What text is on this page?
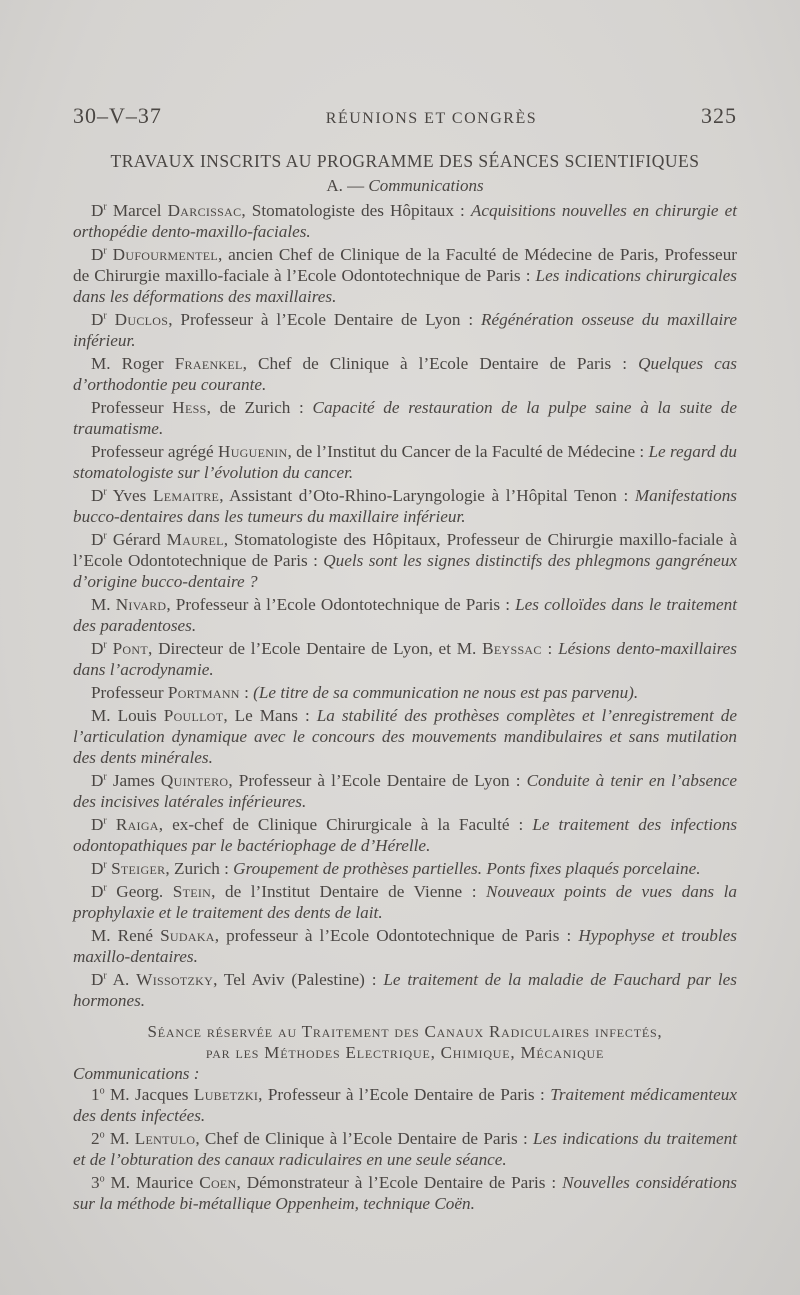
30–V–37	RÉUNIONS ET CONGRÈS	325

TRAVAUX INSCRITS AU PROGRAMME DES SÉANCES SCIENTIFIQUES

A. — Communications

$D^r$ Marcel Darcissac, Stomatologiste des Hôpitaux : Acquisitions nouvelles en chirurgie et orthopédie dento-maxillo-faciales.

$D^r$ Dufourmentel, ancien Chef de Clinique de la Faculté de Médecine de Paris, Professeur de Chirurgie maxillo-faciale à l’Ecole Odontotechnique de Paris : Les indications chirurgicales dans les déformations des maxillaires.

$D^r$ Duclos, Professeur à l’Ecole Dentaire de Lyon : Régénération osseuse du maxillaire inférieur.

M. Roger Fraenkel, Chef de Clinique à l’Ecole Dentaire de Paris : Quelques cas d’orthodontie peu courante.

Professeur Hess, de Zurich : Capacité de restauration de la pulpe saine à la suite de traumatisme.

Professeur agrégé Huguenin, de l’Institut du Cancer de la Faculté de Médecine : Le regard du stomatologiste sur l’évolution du cancer.

$D^r$ Yves Lemaitre, Assistant d’Oto-Rhino-Laryngologie à l’Hôpital Tenon : Manifestations bucco-dentaires dans les tumeurs du maxillaire inférieur.

$D^r$ Gérard Maurel, Stomatologiste des Hôpitaux, Professeur de Chirurgie maxillo-faciale à l’Ecole Odontotechnique de Paris : Quels sont les signes distinctifs des phlegmons gangréneux d’origine bucco-dentaire ?

M. Nivard, Professeur à l’Ecole Odontotechnique de Paris : Les colloïdes dans le traitement des paradentoses.

$D^r$ Pont, Directeur de l’Ecole Dentaire de Lyon, et M. Beyssac : Lésions dento-maxillaires dans l’acrodynamie.

Professeur Portmann : (Le titre de sa communication ne nous est pas parvenu).

M. Louis Poullot, Le Mans : La stabilité des prothèses complètes et l’enregistrement de l’articulation dynamique avec le concours des mouvements mandibulaires et sans mutilation des dents minérales.

$D^r$ James Quintero, Professeur à l’Ecole Dentaire de Lyon : Conduite à tenir en l’absence des incisives latérales inférieures.

$D^r$ Raiga, ex-chef de Clinique Chirurgicale à la Faculté : Le traitement des infections odontopathiques par le bactériophage de d’Hérelle.

$D^r$ Steiger, Zurich : Groupement de prothèses partielles. Ponts fixes plaqués porcelaine.

$D^r$ Georg. Stein, de l’Institut Dentaire de Vienne : Nouveaux points de vues dans la prophylaxie et le traitement des dents de lait.

M. René Sudaka, professeur à l’Ecole Odontotechnique de Paris : Hypophyse et troubles maxillo-dentaires.

$D^r$ A. Wissotzky, Tel Aviv (Palestine) : Le traitement de la maladie de Fauchard par les hormones.

Séance réservée au Traitement des Canaux Radiculaires infectés,

par les Méthodes Electrique, Chimique, Mécanique

Communications :

1$^o$ M. Jacques Lubetzki, Professeur à l’Ecole Dentaire de Paris : Traitement médicamenteux des dents infectées.

2$^o$ M. Lentulo, Chef de Clinique à l’Ecole Dentaire de Paris : Les indications du traitement et de l’obturation des canaux radiculaires en une seule séance.

3$^o$ M. Maurice Coen, Démonstrateur à l’Ecole Dentaire de Paris : Nouvelles considérations sur la méthode bi-métallique Oppenheim, technique Coën.
